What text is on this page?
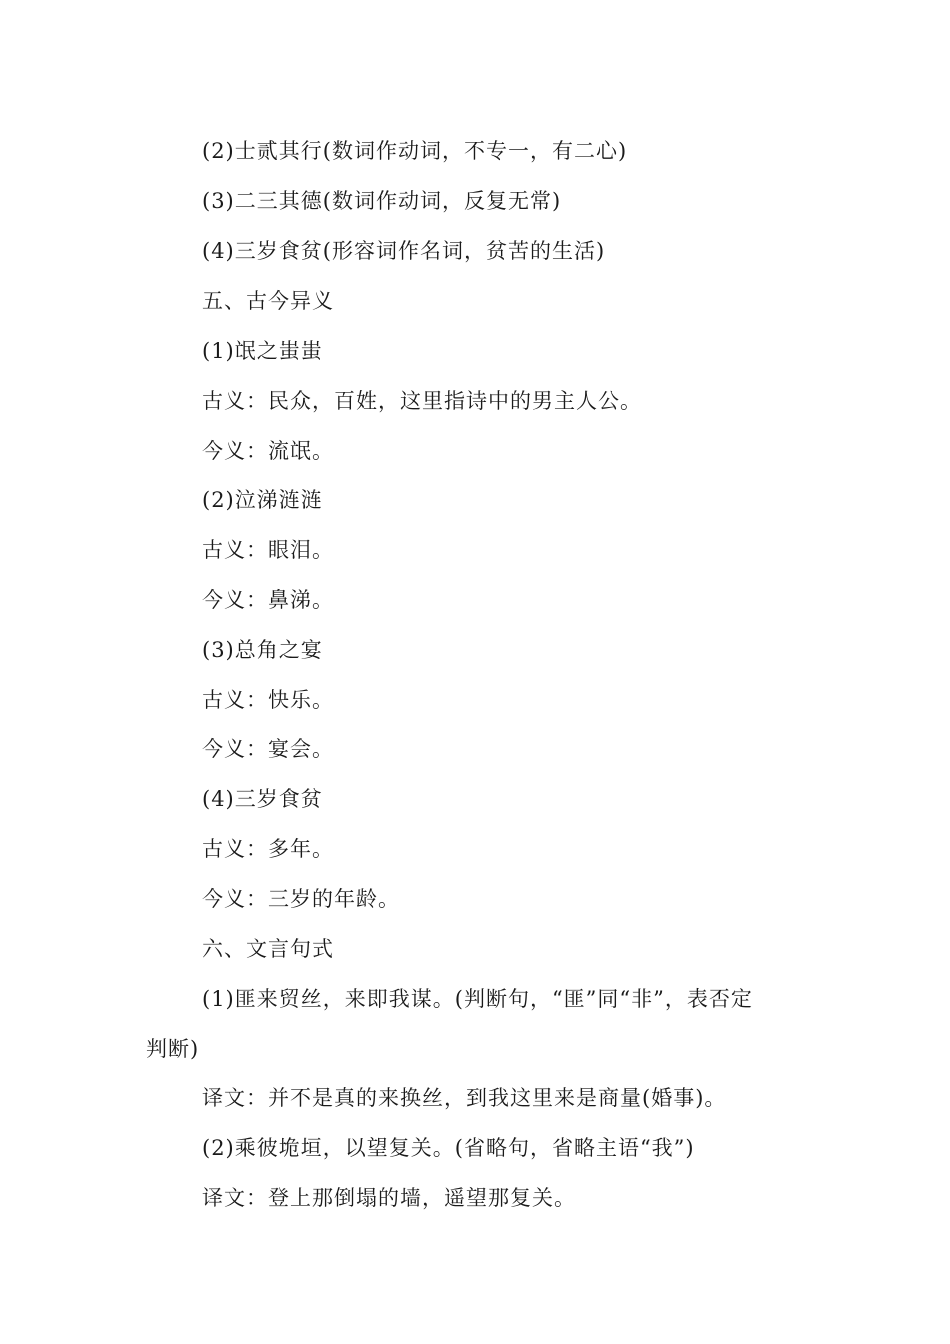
(2)士贰其行(数词作动词，不专一，有二心)
(3)二三其德(数词作动词，反复无常)
(4)三岁食贫(形容词作名词，贫苦的生活)
五、古今异义
(1)氓之蚩蚩
古义：民众，百姓，这里指诗中的男主人公。
今义：流氓。
(2)泣涕涟涟
古义：眼泪。
今义：鼻涕。
(3)总角之宴
古义：快乐。
今义：宴会。
(4)三岁食贫
古义：多年。
今义：三岁的年龄。
六、文言句式
(1)匪来贸丝，来即我谋。(判断句，“匪”同“非”，表否定
判断)
译文：并不是真的来换丝，到我这里来是商量(婚事)。
(2)乘彼垝垣，以望复关。(省略句，省略主语“我”)
译文：登上那倒塌的墙，遥望那复关。
